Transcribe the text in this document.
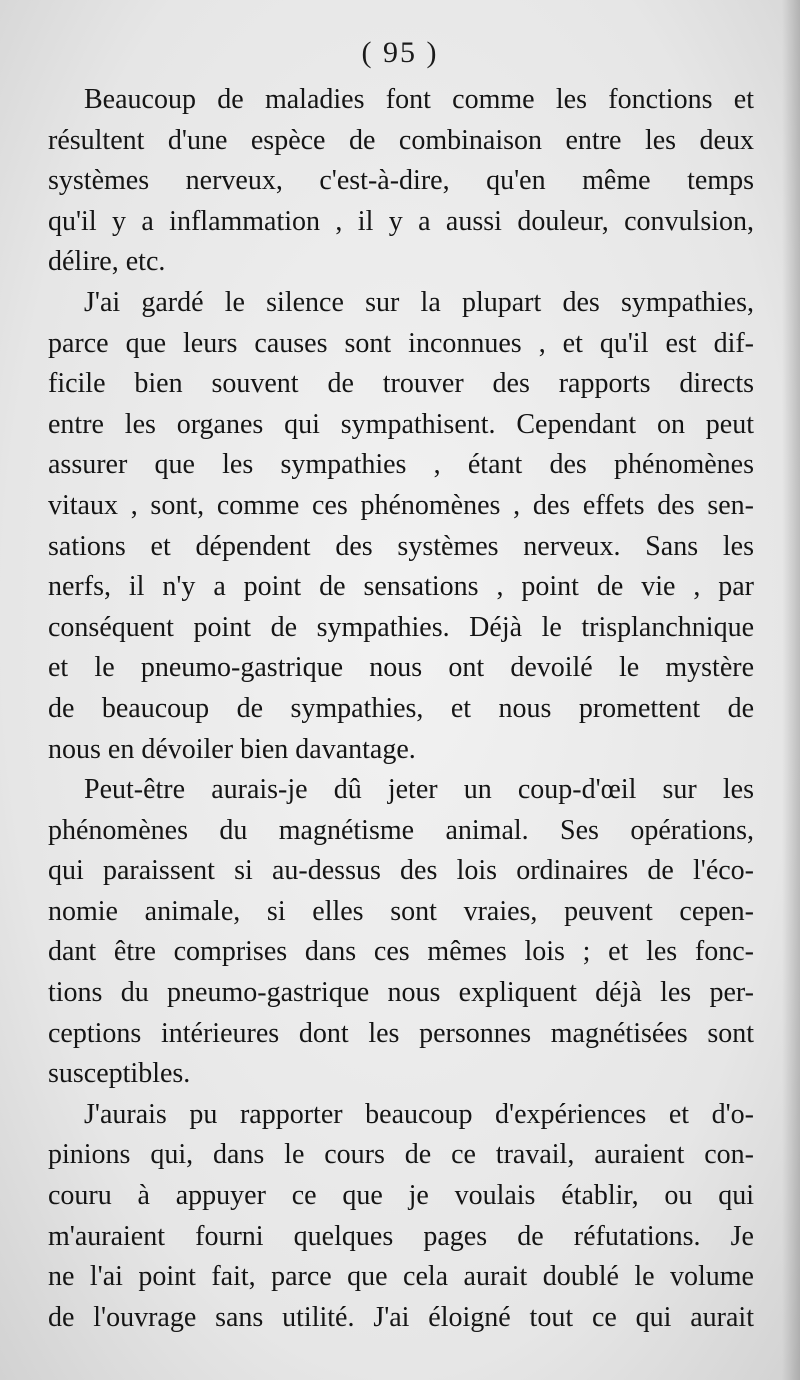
( 95 )

Beaucoup de maladies font comme les fonctions et
résultent d'une espèce de combinaison entre les deux
systèmes nerveux, c'est-à-dire, qu'en même temps
qu'il y a inflammation , il y a aussi douleur, convulsion,
délire, etc.

J'ai gardé le silence sur la plupart des sympathies,
parce que leurs causes sont inconnues , et qu'il est dif-
ficile bien souvent de trouver des rapports directs
entre les organes qui sympathisent. Cependant on peut
assurer que les sympathies , étant des phénomènes
vitaux , sont, comme ces phénomènes , des effets des sen-
sations et dépendent des systèmes nerveux. Sans les
nerfs, il n'y a point de sensations , point de vie , par
conséquent point de sympathies. Déjà le trisplanchnique
et le pneumo-gastrique nous ont devoilé le mystère
de beaucoup de sympathies, et nous promettent de
nous en dévoiler bien davantage.

Peut-être aurais-je dû jeter un coup-d'œil sur les
phénomènes du magnétisme animal. Ses opérations,
qui paraissent si au-dessus des lois ordinaires de l'éco-
nomie animale, si elles sont vraies, peuvent cepen-
dant être comprises dans ces mêmes lois ; et les fonc-
tions du pneumo-gastrique nous expliquent déjà les per-
ceptions intérieures dont les personnes magnétisées sont
susceptibles.

J'aurais pu rapporter beaucoup d'expériences et d'o-
pinions qui, dans le cours de ce travail, auraient con-
couru à appuyer ce que je voulais établir, ou qui
m'auraient fourni quelques pages de réfutations. Je
ne l'ai point fait, parce que cela aurait doublé le volume
de l'ouvrage sans utilité. J'ai éloigné tout ce qui aurait
